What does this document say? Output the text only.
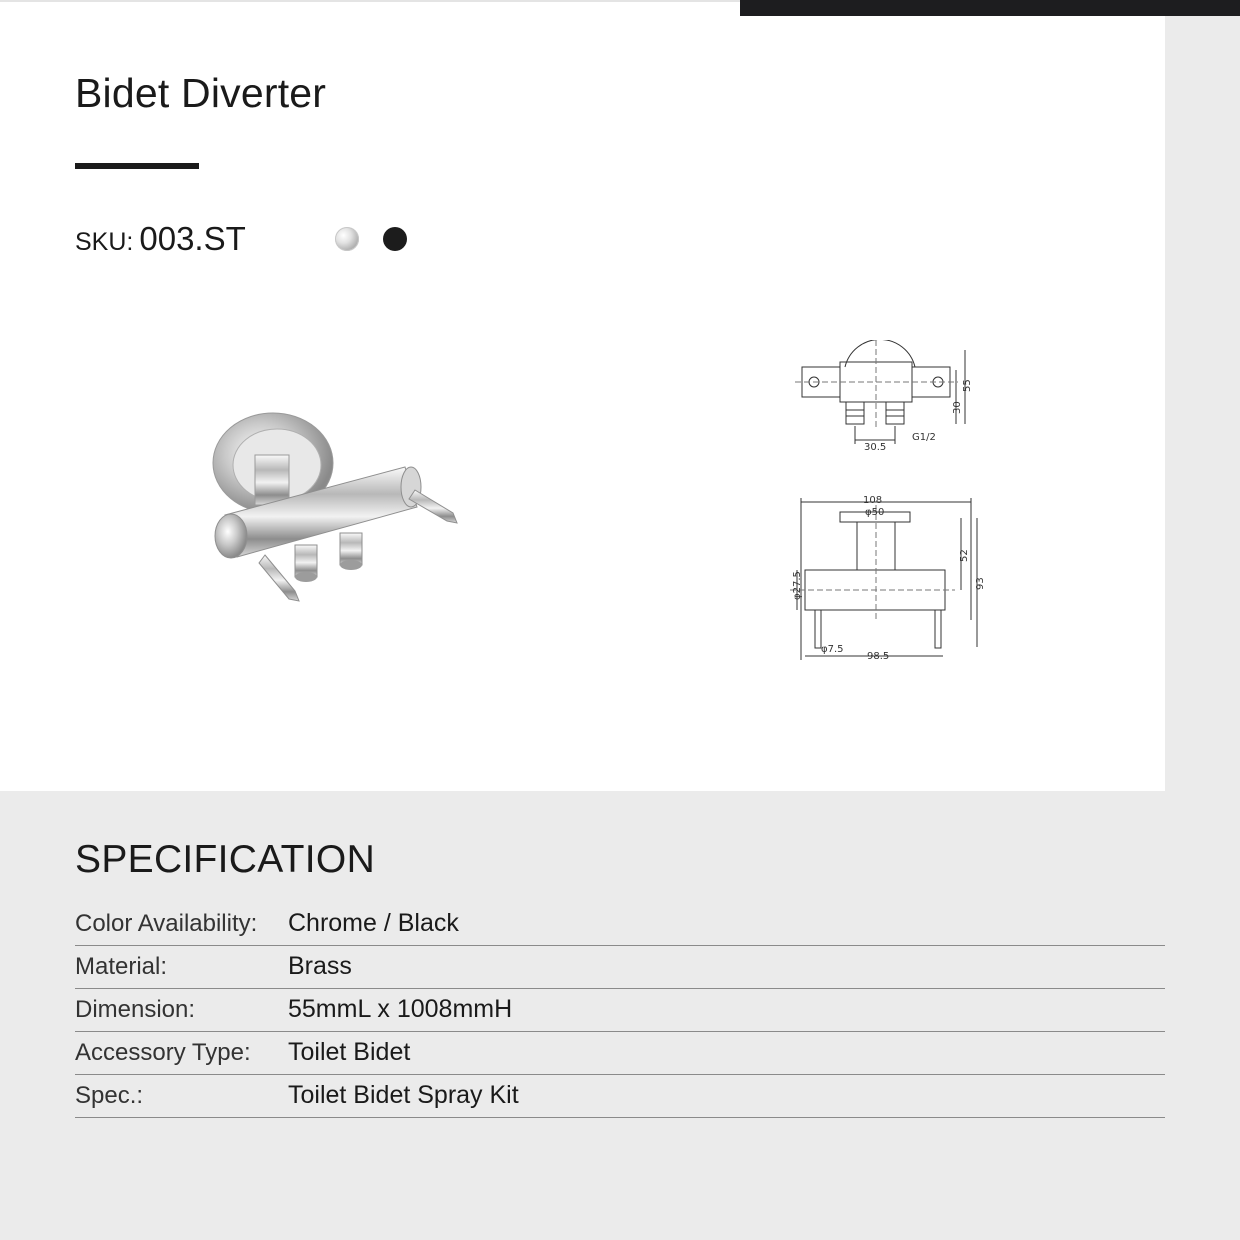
Bidet Diverter
SKU: 003.ST
55
30
30.5
G1/2
108
φ50
φ27.5
52
93
φ7.5
98.5
SPECIFICATION
Color Availability: Chrome / Black
Material:	Brass
Dimension:	55mmL x 1008mmH
Accessory Type: Toilet Bidet
Spec.:	Toilet Bidet Spray Kit
